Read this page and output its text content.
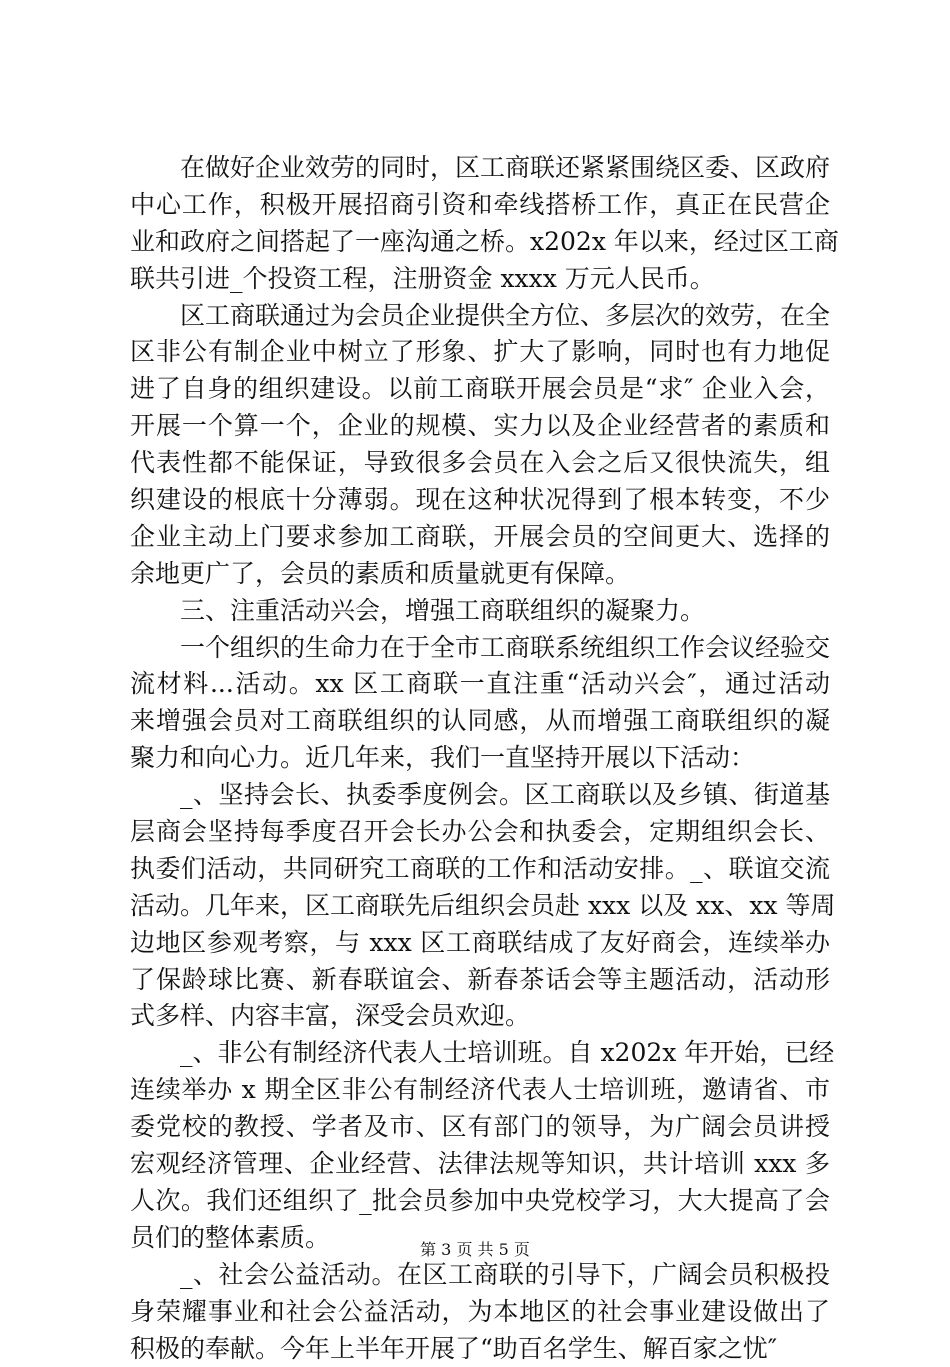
在做好企业效劳的同时，区工商联还紧紧围绕区委、区政府
中心工作，积极开展招商引资和牵线搭桥工作，真正在民营企
业和政府之间搭起了一座沟通之桥。x202x 年以来，经过区工商
联共引进_个投资工程，注册资金 xxxx 万元人民币。
区工商联通过为会员企业提供全方位、多层次的效劳，在全
区非公有制企业中树立了形象、扩大了影响，同时也有力地促
进了自身的组织建设。以前工商联开展会员是“求″ 企业入会，
开展一个算一个，企业的规模、实力以及企业经营者的素质和
代表性都不能保证，导致很多会员在入会之后又很快流失，组
织建设的根底十分薄弱。现在这种状况得到了根本转变，不少
企业主动上门要求参加工商联，开展会员的空间更大、选择的
余地更广了，会员的素质和质量就更有保障。
三、注重活动兴会，增强工商联组织的凝聚力。
一个组织的生命力在于全市工商联系统组织工作会议经验交
流材料...活动。xx 区工商联一直注重“活动兴会″，通过活动
来增强会员对工商联组织的认同感，从而增强工商联组织的凝
聚力和向心力。近几年来，我们一直坚持开展以下活动：
_、坚持会长、执委季度例会。区工商联以及乡镇、街道基
层商会坚持每季度召开会长办公会和执委会，定期组织会长、
执委们活动，共同研究工商联的工作和活动安排。_、联谊交流
活动。几年来，区工商联先后组织会员赴 xxx 以及 xx、xx 等周
边地区参观考察，与 xxx 区工商联结成了友好商会，连续举办
了保龄球比赛、新春联谊会、新春茶话会等主题活动，活动形
式多样、内容丰富，深受会员欢迎。
_、非公有制经济代表人士培训班。自 x202x 年开始，已经
连续举办 x 期全区非公有制经济代表人士培训班，邀请省、市
委党校的教授、学者及市、区有部门的领导，为广阔会员讲授
宏观经济管理、企业经营、法律法规等知识，共计培训 xxx 多
人次。我们还组织了_批会员参加中央党校学习，大大提高了会
员们的整体素质。
_、社会公益活动。在区工商联的引导下，广阔会员积极投
身荣耀事业和社会公益活动，为本地区的社会事业建设做出了
积极的奉献。今年上半年开展了“助百名学生、解百家之忧″
第 3 页 共 5 页
